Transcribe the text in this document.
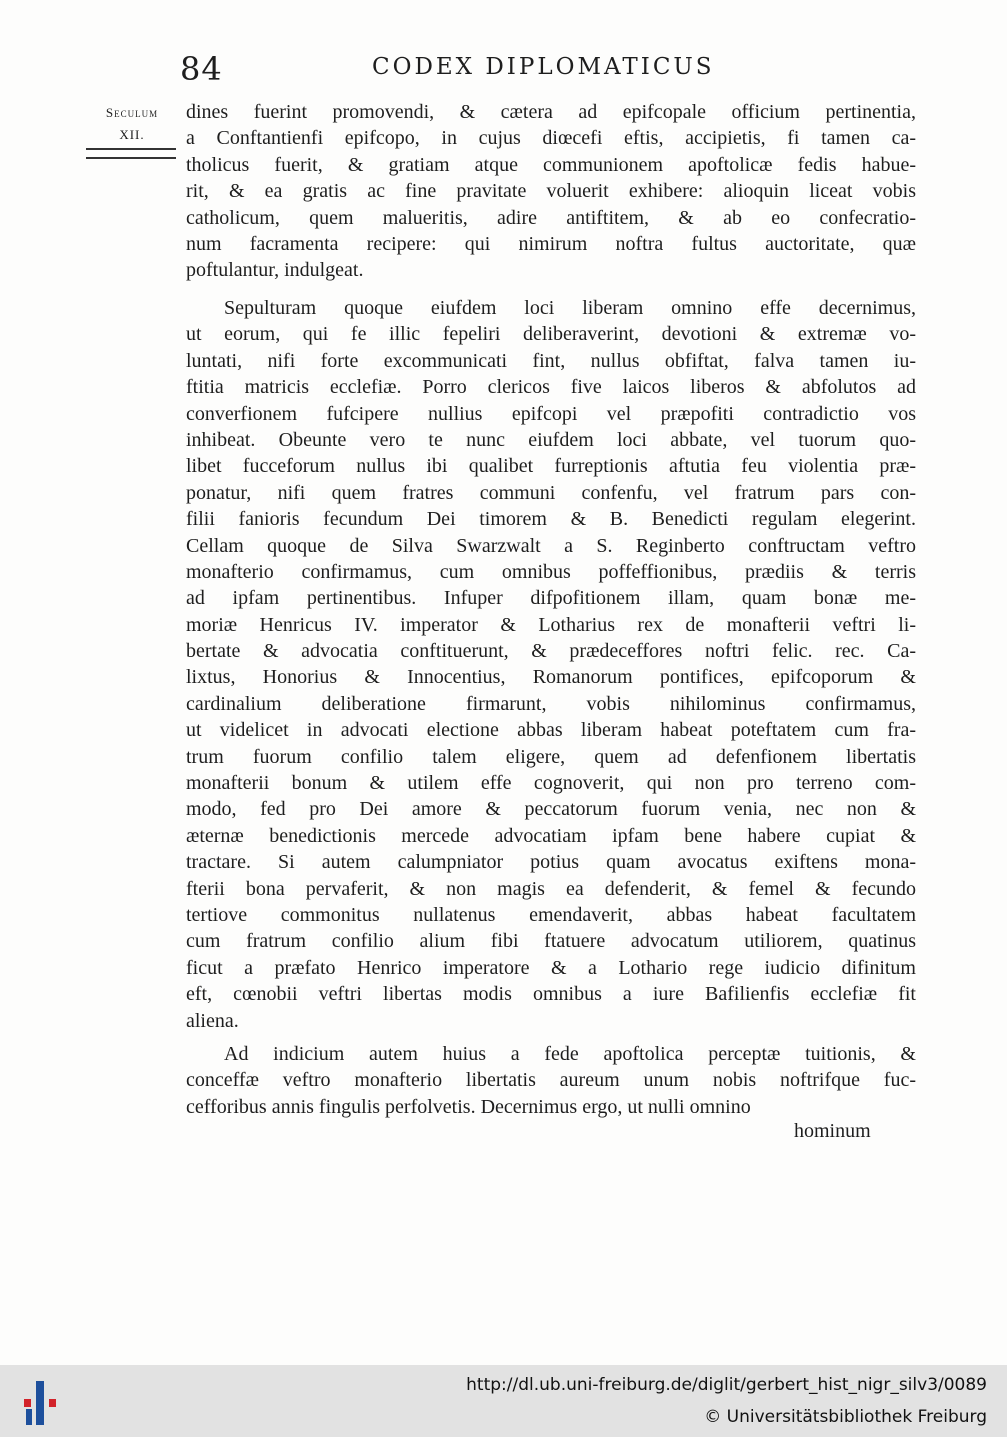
84	CODEX DIPLOMATICUS
Seculum
XII.
dines fuerint promovendi, & cætera ad epifcopale officium pertinentia,
a Conftantienfi epifcopo, in cujus diœcefi eftis, accipietis, fi tamen ca-
tholicus fuerit, & gratiam atque communionem apoftolicæ fedis habue-
rit, & ea gratis ac fine pravitate voluerit exhibere: alioquin liceat vobis
catholicum, quem malueritis, adire antiftitem, & ab eo confecratio-
num facramenta recipere: qui nimirum noftra fultus auctoritate, quæ
poftulantur, indulgeat.
Sepulturam quoque eiufdem loci liberam omnino effe decernimus,
ut eorum, qui fe illic fepeliri deliberaverint, devotioni & extremæ vo-
luntati, nifi forte excommunicati fint, nullus obfiftat, falva tamen iu-
ftitia matricis ecclefiæ. Porro clericos five laicos liberos & abfolutos ad
converfionem fufcipere nullius epifcopi vel præpofiti contradictio vos
inhibeat. Obeunte vero te nunc eiufdem loci abbate, vel tuorum quo-
libet fucceforum nullus ibi qualibet furreptionis aftutia feu violentia præ-
ponatur, nifi quem fratres communi confenfu, vel fratrum pars con-
filii fanioris fecundum Dei timorem & B. Benedicti regulam elegerint.
Cellam quoque de Silva Swarzwalt a S. Reginberto conftructam veftro
monafterio confirmamus, cum omnibus poffeffionibus, prædiis & terris
ad ipfam pertinentibus. Infuper difpofitionem illam, quam bonæ me-
moriæ Henricus IV. imperator & Lotharius rex de monafterii veftri li-
bertate & advocatia conftituerunt, & prædeceffores noftri felic. rec. Ca-
lixtus, Honorius & Innocentius, Romanorum pontifices, epifcoporum &
cardinalium deliberatione firmarunt, vobis nihilominus confirmamus,
ut videlicet in advocati electione abbas liberam habeat poteftatem cum fra-
trum fuorum confilio talem eligere, quem ad defenfionem libertatis
monafterii bonum & utilem effe cognoverit, qui non pro terreno com-
modo, fed pro Dei amore & peccatorum fuorum venia, nec non &
æternæ benedictionis mercede advocatiam ipfam bene habere cupiat &
tractare. Si autem calumpniator potius quam avocatus exiftens mona-
fterii bona pervaferit, & non magis ea defenderit, & femel & fecundo
tertiove commonitus nullatenus emendaverit, abbas habeat facultatem
cum fratrum confilio alium fibi ftatuere advocatum utiliorem, quatinus
ficut a præfato Henrico imperatore & a Lothario rege iudicio difinitum
eft, cœnobii veftri libertas modis omnibus a iure Bafilienfis ecclefiæ fit
aliena.
Ad indicium autem huius a fede apoftolica perceptæ tuitionis, &
conceffæ veftro monafterio libertatis aureum unum nobis noftrifque fuc-
cefforibus annis fingulis perfolvetis. Decernimus ergo, ut nulli omnino
hominum
http://dl.ub.uni-freiburg.de/diglit/gerbert_hist_nigr_silv3/0089
© Universitätsbibliothek Freiburg
